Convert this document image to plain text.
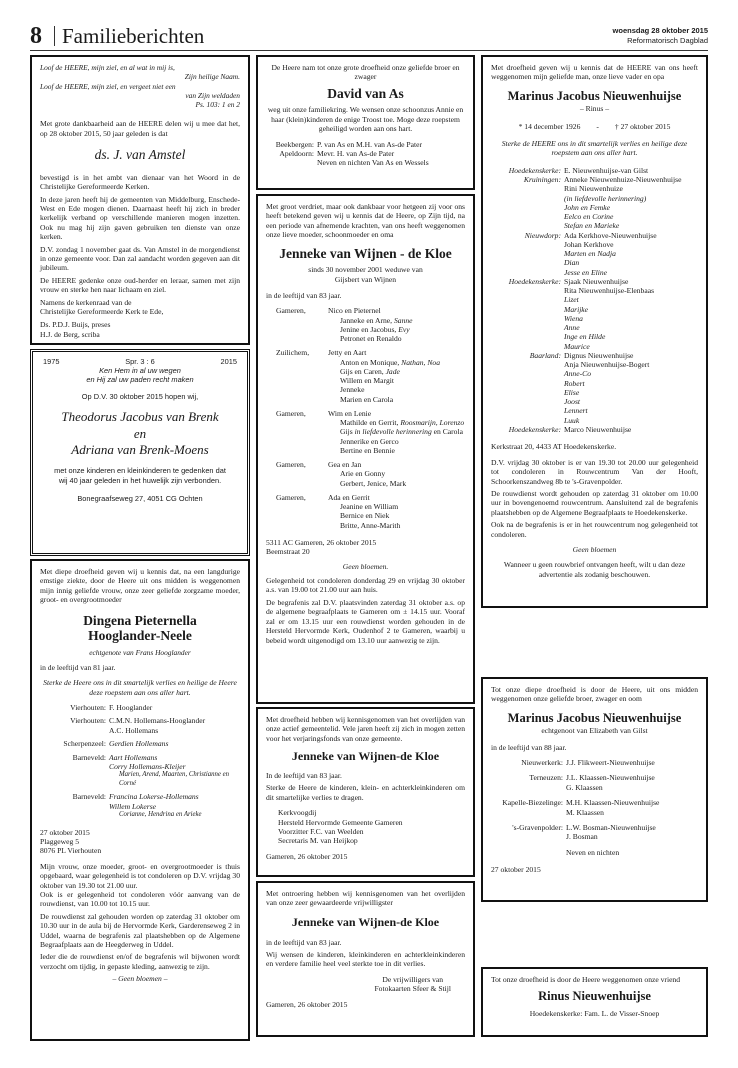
8 Familieberichten	woensdag 28 oktober 2015
Reformatorisch Dagblad
Loof de HEERE, mijn ziel, en al wat in mij is,
Zijn heilige Naam.
Loof de HEERE, mijn ziel, en vergeet niet een
van Zijn weldaden
Ps. 103: 1 en 2

Met grote dankbaarheid aan de HEERE delen wij u mee dat het, op 28 oktober 2015, 50 jaar geleden is dat

ds. J. van Amstel

bevestigd is in het ambt van dienaar van het Woord in de Christelijke Gereformeerde Kerken.

In deze jaren heeft hij de gemeenten van Middelburg, Enschede-West en Ede mogen dienen. Daarnaast heeft hij zich in breder kerkelijk verband op verschillende manieren mogen inzetten. Ook nu mag hij zijn gaven gebruiken ten dienste van onze kerken.

D.V. zondag 1 november gaat ds. Van Amstel in de morgendienst in onze gemeente voor. Dan zal aandacht worden gegeven aan dit jubileum.

De HEERE gedenke onze oud-herder en leraar, samen met zijn vrouw en sterke hen naar lichaam en ziel.

Namens de kerkenraad van de
Christelijke Gereformeerde Kerk te Ede,
Ds. P.D.J. Buijs, preses
H.J. de Berg, scriba
1975	Spr. 3 : 6	2015
Ken Hem in al uw wegen
en Hij zal uw paden recht maken
Op D.V. 30 oktober 2015 hopen wij,
Theodorus Jacobus van Brenk
en
Adriana van Brenk-Moens
met onze kinderen en kleinkinderen te gedenken dat wij 40 jaar geleden in het huwelijk zijn verbonden.
Bonegraafseweg 27, 4051 CG Ochten

Met diepe droefheid geven wij u kennis dat, na een langdurige emstige ziekte, door de Heere uit ons midden is weggenomen mijn innig geliefde vrouw, onze zeer geliefde zorgzame moeder, groot- en overgrootmoeder

Dingena Pieternella
Hooglander-Neele
echtgenote van Frans Hooglander

in de leeftijd van 81 jaar.

Sterke de Heere ons in dit smartelijk verlies en heilige de Heere deze roepstem aan ons aller hart.

Vierhouten: F. Hooglander
Vierhouten: C.M.N. Hollemans-Hooglander
A.C. Hollemans
Scherpenzeel: Gerdien Hollemans
Barneveld: Aart Hollemans
Corry Hollemans-Kleijer
Marien, Arend, Maarten, Christianne en Corné
Barneveld: Francina Lokerse-Hollemans
Willem Lokerse
Corianne, Hendrina en Arieke
27 oktober 2015
Plaggeweg 5
8076 PL Vierhouten

Mijn vrouw, onze moeder, groot- en overgrootmoeder is thuis opgebaard, waar gelegenheid is tot condoleren op D.V. vrijdag 30 oktober van 19.30 tot 21.00 uur.

Ook is er gelegenheid tot condoleren vóór aanvang van de rouwdienst, van 10.00 tot 10.15 uur.

De rouwdienst zal gehouden worden op zaterdag 31 oktober om 10.30 uur in de aula bij de Hervormde Kerk, Garderenseweg 2 in Uddel, waarna de begrafenis zal plaatshebben op de Algemene Begraafplaats aan de Heegderweg in Uddel.

Ieder die de rouwdienst en/of de begrafenis wil bijwonen wordt verzocht om tijdig, in gepaste kleding, aanwezig te zijn.

– Geen bloemen –

De Heere nam tot onze grote droefheid onze geliefde broer en zwager

David van As

weg uit onze familiekring. We wensen onze schoonzus Annie en haar (klein)kinderen de enige Troost toe. Moge deze roepstem geheiligd worden aan ons hart.

Beekbergen: P. van As en M.H. van As-de Pater
Apeldoorn: Mevr. H. van As-de Pater
Neven en nichten Van As en Wessels

Met groot verdriet, maar ook dankbaar voor hetgeen zij voor ons heeft betekend geven wij u kennis dat de Heere, op Zijn tijd, na een periode van afnemende krachten, van ons heeft weggenomen onze lieve moeder, schoonmoeder en oma

Jenneke van Wijnen - de Kloe
sinds 30 november 2001 weduwe van
Gijsbert van Wijnen

in de leeftijd van 83 jaar.

Gameren,	Nico en Pieternel
Janneke en Arne, Sanne
Jenine en Jacobus, Evy
Petronet en Renaldo
Zuilichem,	Jetty en Aart
Anton en Monique, Nathan, Noa
Gijs en Caren, Jade
Willem en Margit
Jenneke
Marien en Carola
Gameren,	Wim en Lenie
Mathilde en Gerrit, Roosmarijn, Lorenzo
Gijs in liefdevolle herinnering en Carola
Jennerike en Gerco
Bertine en Bennie
Gameren,	Gea en Jan
Arie en Gonny
Gerbert, Jenice, Mark
Gameren,	Ada en Gerrit
Jeanine en William
Bernice en Niek
Britte, Anne-Marith
5311 AC Gameren, 26 oktober 2015
Beemstraat 20

Geen bloemen.

Gelegenheid tot condoleren donderdag 29 en vrijdag 30 oktober a.s. van 19.00 tot 21.00 uur aan huis.

De begrafenis zal D.V. plaatsvinden zaterdag 31 oktober a.s. op de algemene begraafplaats te Gameren om ± 14.15 uur. Vooraf zal er om 13.15 uur een rouwdienst worden gehouden in de Hersteld Hervormde Kerk, Oudenhof 2 te Gameren, waarbij u bebeid wordt uitgenodigd om 13.10 uur aanwezig te zijn.

Met droefheid hebben wij kennisgenomen van het overlijden van onze actief gemeentelid. Vele jaren heeft zij zich in mogen zetten voor het verjaringsfonds van onze gemeente.

Jenneke van Wijnen-de Kloe

In de leeftijd van 83 jaar.

Sterke de Heere de kinderen, klein- en achterkleinkinderen om dit smartelijke verlies te dragen.

Kerkvoogdij
Hersteld Hervormde Gemeente Gameren
Voorzitter F.C. van Weelden
Secretaris M. van Heijkop
Gameren, 26 oktober 2015

Met ontroering hebben wij kennisgenomen van het overlijden van onze zeer gewaardeerde vrijwilligster

Jenneke van Wijnen-de Kloe

in de leeftijd van 83 jaar.

Wij wensen de kinderen, kleinkinderen en achterkleinkinderen en verdere familie heel veel sterkte toe in dit verlies.

De vrijwilligers van
Fotokaarten Sfeer & Stijl
Gameren, 26 oktober 2015

Met droefheid geven wij u kennis dat de HEERE van ons heeft weggenomen mijn geliefde man, onze lieve vader en opa

Marinus Jacobus Nieuwenhuijse
– Rinus –
* 14 december 1926 - † 27 oktober 2015

Sterke de HEERE ons in dit smartelijk verlies en heilige deze roepstem aan ons aller hart.

Hoedekenskerke: E. Nieuwenhuijse-van Gilst
Kruiningen: Anneke Nieuwenhuize-Nieuwenhuijse
Rini Nieuwenhuize
(in liefdevolle herinnering)
John en Femke
Eelco en Corine
Stefan en Marieke
Nieuwdorp: Ada Kerkhove-Nieuwenhuijse
Johan Kerkhove
Marten en Nadja
Dian
Jesse en Eline
Hoedekenskerke: Sjaak Nieuwenhuijse
Rita Nieuwenhuijse-Elenbaas
Lizet
Marijke
Wiena
Anne
Inge en Hilde
Maurice
Baarland: Dignus Nieuwenhuijse
Anja Nieuwenhuijse-Bogert
Anne-Co
Robert
Elise
Joost
Lennert
Luuk
Hoedekenskerke: Marco Nieuwenhuijse

Kerkstraat 20, 4433 AT Hoedekenskerke.

D.V. vrijdag 30 oktober is er van 19.30 tot 20.00 uur gelegenheid tot condoleren in Rouwcentrum Van der Hooft, Schoorkenszandweg 8b te 's-Gravenpolder.

De rouwdienst wordt gehouden op zaterdag 31 oktober om 10.00 uur in bovengenoemd rouwcentrum. Aansluitend zal de begrafenis plaatshebben op de Algemene Begraafplaats te Hoedekenskerke.

Ook na de begrafenis is er in het rouwcentrum nog gelegenheid tot condoleren.

Geen bloemen

Wanneer u geen rouwbrief ontvangen heeft, wilt u dan deze advertentie als zodanig beschouwen.

Tot onze diepe droefheid is door de Heere, uit ons midden weggenomen onze geliefde broer, zwager en oom

Marinus Jacobus Nieuwenhuijse
echtgenoot van Elizabeth van Gilst

in de leeftijd van 88 jaar.

Nieuwerkerk: J.J. Flikweert-Nieuwenhuijse
Terneuzen: J.L. Klaassen-Nieuwenhuijse
G. Klaassen
Kapelle-Biezelinge: M.H. Klaassen-Nieuwenhuijse
M. Klaassen
's-Gravenpolder: L.W. Bosman-Nieuwenhuijse
J. Bosman
Neven en nichten
27 oktober 2015

Tot onze droefheid is door de Heere weggenomen onze vriend

Rinus Nieuwenhuijse
Hoedekenskerke: Fam. L. de Visser-Snoep
